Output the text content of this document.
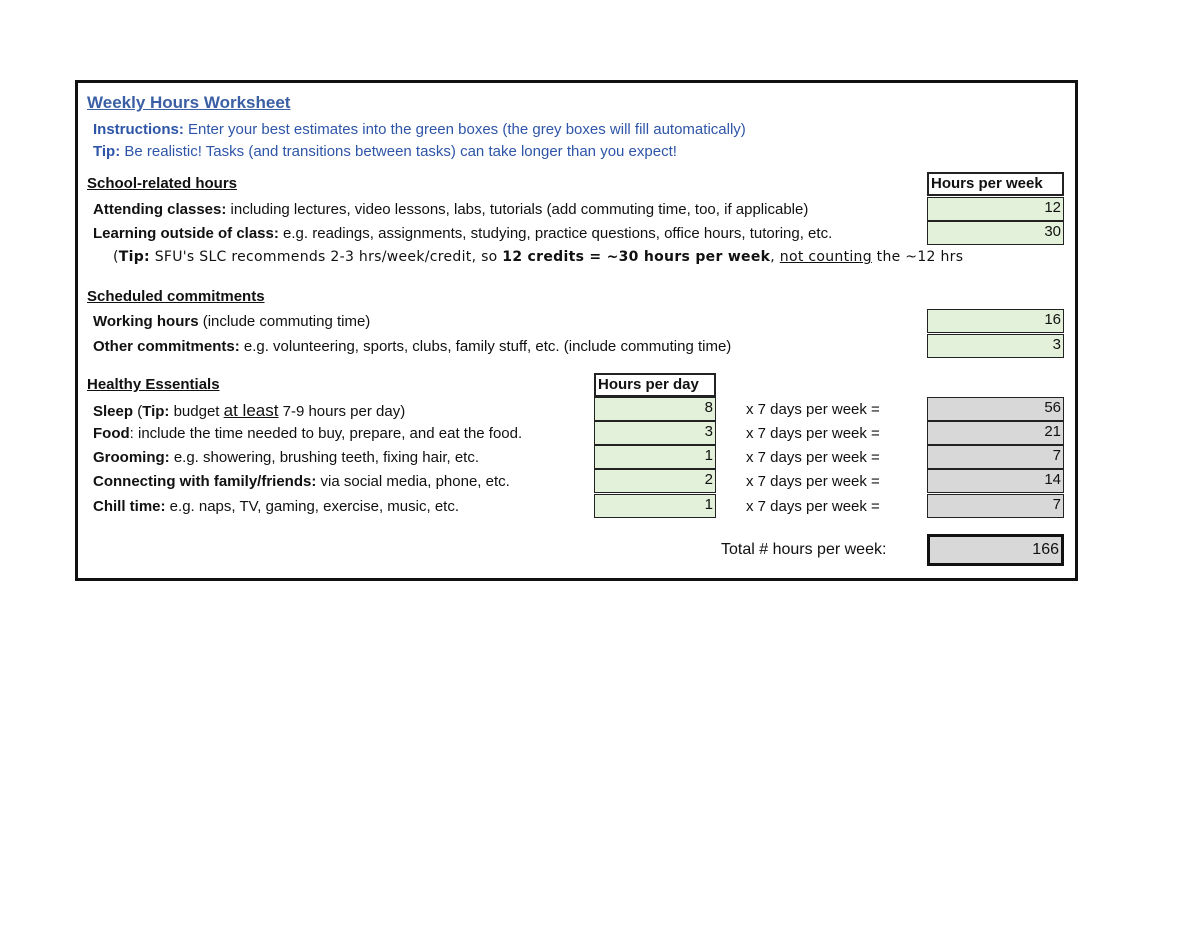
Weekly Hours Worksheet
Instructions: Enter your best estimates into the green boxes (the grey boxes will fill automatically)
Tip: Be realistic! Tasks (and transitions between tasks) can take longer than you expect!
School-related hours	Hours per week
Attending classes: including lectures, video lessons, labs, tutorials (add commuting time, too, if applicable)	12
Learning outside of class: e.g. readings, assignments, studying, practice questions, office hours, tutoring, etc.	30
(Tip: SFU's SLC recommends 2-3 hrs/week/credit, so 12 credits = ~30 hours per week, not counting the ~12 hrs
Scheduled commitments
Working hours (include commuting time)	16
Other commitments: e.g. volunteering, sports, clubs, family stuff, etc. (include commuting time)	3
Healthy Essentials	Hours per day
Sleep (Tip: budget at least 7-9 hours per day)	8 x 7 days per week =	56
Food: include the time needed to buy, prepare, and eat the food.	3 x 7 days per week =	21
Grooming: e.g. showering, brushing teeth, fixing hair, etc.	1 x 7 days per week =	7
Connecting with family/friends: via social media, phone, etc.	2 x 7 days per week =	14
Chill time: e.g. naps, TV, gaming, exercise, music, etc.	1 x 7 days per week =	7
Total # hours per week:	166
